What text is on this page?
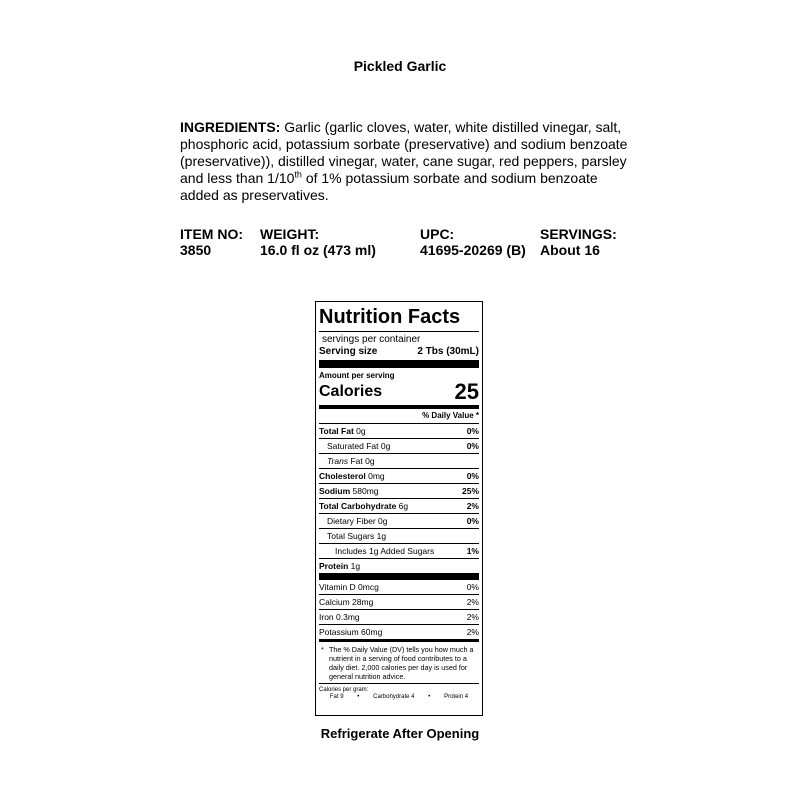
Pickled Garlic
INGREDIENTS: Garlic (garlic cloves, water, white distilled vinegar, salt, phosphoric acid, potassium sorbate (preservative) and sodium benzoate (preservative)), distilled vinegar, water, cane sugar, red peppers, parsley and less than 1/10th of 1% potassium sorbate and sodium benzoate added as preservatives.
ITEM NO:
3850
WEIGHT:
16.0 fl oz (473 ml)
UPC:
41695-20269 (B)
SERVINGS:
About 16
Nutrition Facts
servings per container
Serving size	2 Tbs (30mL)
Amount per serving
Calories	25
% Daily Value *
Total Fat 0g	0%
Saturated Fat 0g	0%
Trans Fat 0g
Cholesterol 0mg	0%
Sodium 580mg	25%
Total Carbohydrate 6g	2%
Dietary Fiber 0g	0%
Total Sugars 1g
Includes 1g Added Sugars	1%
Protein 1g
Vitamin D 0mcg	0%
Calcium 28mg	2%
Iron 0.3mg	2%
Potassium 60mg	2%
* The % Daily Value (DV) tells you how much a nutrient in a serving of food contributes to a daily diet. 2,000 calories per day is used for general nutrition advice.
Calories per gram:
Fat 9 • Carbohydrate 4 • Protein 4
Refrigerate After Opening
